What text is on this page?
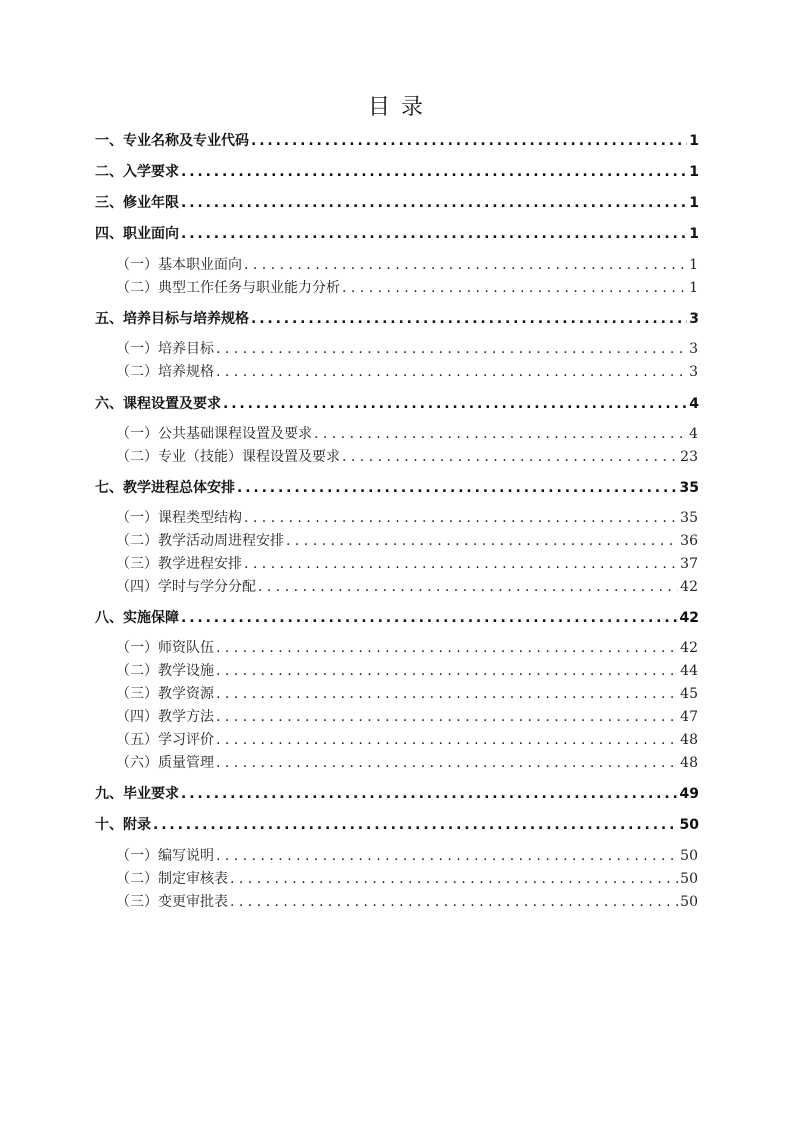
目 录
一、专业名称及专业代码 . . .	1
二、入学要求 . . .	1
三、修业年限 . . .	1
四、职业面向 . . .	1
（一）基本职业面向 . . .	1
（二）典型工作任务与职业能力分析 . . .	1
五、培养目标与培养规格 . . .	3
（一）培养目标 . . .	3
（二）培养规格 . . .	3
六、课程设置及要求 . . .	4
（一）公共基础课程设置及要求 . . .	4
（二）专业（技能）课程设置及要求 . . .	23
七、教学进程总体安排 . . .	35
（一）课程类型结构 . . .	35
（二）教学活动周进程安排 . . .	36
（三）教学进程安排 . . .	37
（四）学时与学分分配 . . .	42
八、实施保障 . . .	42
（一）师资队伍 . . .	42
（二）教学设施 . . .	44
（三）教学资源 . . .	45
（四）教学方法 . . .	47
（五）学习评价 . . .	48
（六）质量管理 . . .	48
九、毕业要求 . . .	49
十、附录 . . .	50
（一）编写说明 . . .	50
（二）制定审核表 . . .	50
（三）变更审批表 . . .	50
